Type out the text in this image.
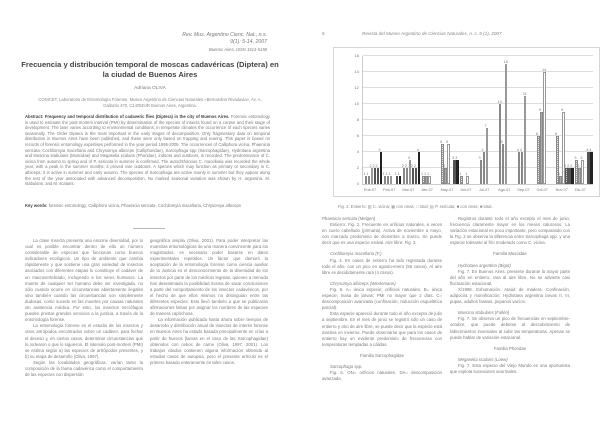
Rev. Mus. Argentino Cienc. Nat., n.s.
9(1): 5-14, 2007
Buenos Aires, ISSN 1514-5158
Frecuencia y distribución temporal de moscas cadavéricas (Diptera) en la ciudad de Buenos Aires
Adriana OLIVA
CONICET. Laboratorio de Entomología Forense, Museo Argentino de Ciencias Naturales «Bernardino Rivadavia», Av. A. Gallardo 470, C1405DJR Buenos Aires, Argentina.
Abstract: Frequency and temporal distribution of cadaveric flies (Diptera) in the city of Buenos Aires. Forensic entomology is used to estimate the post-mortem interval (PMI) by determination of the species of insects found on a corpse and their stage of development. The later varies according to environmental conditions; in temperate climates the occurrence of each species varies seasonally. The Order Diptera is the most important in the early stages of decomposition. Only fragmentary data on temporal distribution in Buenos Aires have been published, and these were only based on trapping and rearing. This paper is based on records of forensic entomology expertises performed in the year period 1995-2005. The occurrences of Calliphora vicina, Phaenicia sericata, Cochliomyia macellaria and Chrysomya albiceps (Calliphoridae), Sarcophaga spp (Sarcophagidae), Hydrotaea argentina and Muscina stabulans (Muscidae) and Megaselia scalaris (Phoridae), indoors and outdoors, is recorded. The predominance of C. vicina from autumn to spring and of P. sericata in summer is confirmed. The autochthonous C. macellaria was recorded the whole year, with a peak in the summer months; it proved rare outdoors. A species which may function as primary or secondary is C. albiceps; it is active in summer and early autumn. The species of Sarcophaga are active mainly in summer but they appear along the rest of the year associated with advanced decomposition. No marked seasonal variation was shown by H. argentina, M. stabulans, and M. scalaris.
Key words: forensic entomology, Calliphora vicina, Phaenicia sericata, Cochliomyia macellaria, Chrysomya albiceps

La clase Insecta presenta una enorme diversidad, por lo cual es posible encontrar dentro de ella un número considerable de especies que funcionan como buenos indicadores ecológicos. Un tipo de ambiente que cambia rápidamente y que sostiene una gran variedad de insectos asociados con diferentes etapas lo constituye el cadáver de un macrovertebrado, incluyendo a los seres humanos. La muerte de cualquier ser humano debe ser investigada, no sólo cuando ocurre en circunstancias abiertamente ilegales sino también cuando las circunstancias son simplemente dudosas, como sucede en las muertes por causas naturales sin asistencia médica. Por esto, los insectos necrófagos pueden prestar grandes servicios a la justicia, a través de la entomología forense.

La entomología forense es el estudio de los insectos y otros artrópodos encontrados sobre un cadáver, para fechar el deceso y, en ciertos casos, determinar circunstancias que lo rodearon o que lo siguieron. El intervalo post-mortem (PMI) se estima según a) las especies de artrópodos presentes, y b) su etapa de desarrollo (Oliva, 1997).

Según las localidades geográficas, varían tanto la composición de la fauna cadavérica como el comportamiento de las especies con dispersión

geográfica amplia (Oliva, 2001). Para poder interpretar las muestras entomológicas de una manera convincente para los magistrados, es necesario poder basarse en datos experimentales repetidos. Un factor que demoró la aceptación de la entomología forense como ciencia auxiliar de la Justicia es el desconocimiento de la diversidad de los insectos por parte de los médicos legistas, quienes a menudo han desestimado la posibilidad misma de sacar conclusiones a partir del comportamiento de los insectos cadavéricos, por el hecho de que ellos mismos no distinguían entre las diferentes especies. Esto llevó también a que se publicaran afirmaciones falsas por asignar los nombres de las especies de manera caprichosa.

La información publicada hasta ahora sobre tiempos de desarrollo y distribución anual de insectos de interés forense en Buenos Aires ha estado basada principalmente en crías a partir de huevos (larvas en el caso de las Sarcophagidae) obtenidos con cebos de carne (Oliva, 1997, 2001). Los trabajos citados contienen alguna información obtenida al estudiar casos de autopsia, pero el presente artículo es el primero basado enteramente en tales casos.

8	Revista del Museo Argentino de Ciencias Naturales, n. s. 9 (1), 2007
0
2
4
6
8
10
12
14
16
1 1
2 2 2
4
Ene-07
1 1 1 1 1
Feb-07
2 2
3
2 2
4
Mar-07
1 1 1
Abr-07
5
2
5
3 3
May-07
1 1
Jun-07
3
4
7
Jul-07
10
5
15
Ago-07
4 4
11
Sep-07
6
9
14
Oct-07
6
1
9
2 2 2
Nov-07
3
2
3
4 4
Dic-07
Fig. 2. Entierro: ▥ C. vicina; ▦ con otras; □ total; ▤ P. sericata; ■ con otras; ■ total.

Phaenicia sericata (Meigen)

Entierro: Fig. 2. Frecuente en orificios naturales, a veces en cuero cabelludo (primaria). Activa de noviembre a mayo, con marcado predominio de diciembre a marzo. Se puede decir que es una especie estival. Aire libre: Fig. 3.

Cochliomyia macellaria (F.)

Fig. 4. En casos de entierro ha sido registrada durante todo el año, con un pico en agosto-enero (56 casos). Al aire libre es decididamente rara (4 casos).

Chrysomya albiceps (Wiedemann)

Fig. 5. A= única especie; orificios naturales. B= única especie; masa de larvas; PMI no mayor que 2 días. C= descomposición avanzada (confinación, reducción esquelética parcial).

Esta especie apareció durante todo el año excepto de julio a septiembre. En el mes de junio se registró sólo un caso de entierro y otro de aire libre, se puede decir que la especie está inactiva en invierno. Puede observarse que para los casos de entierro hay un evidente predominio de frecuencias con temperaturas templadas a cálidas.

Familia Sarcophagidae

Sarcophaga spp.

Fig. 6. ON= orificios naturales. DA= descomposición avanzada.

Registros durante todo el año excepto el mes de junio, frecuencia claramente mayor en los meses calurosos. La variación estacional es poco importante, pero comparando con la Fig. 2 se observa la diferencia entre Sarcophaga spp. y una especie tolerante al frío moderado como C. vicina.

Familia Muscidae

Hydrotaea argentina (Bigot)

Fig. 7. En Buenos Aires, presente durante la mayor parte del año en entierro, rara al aire libre. No se advierte casi fluctuación estacional.

X/1998. Exhumación. Ataúd de madera. Confinación, adipocira y momificación. Hydrotaea argentina larvas II, III, pupas, adultos faratos, puparios vacíos.

Muscina stabulans (Fallén)

Fig. 7. Se observa un pico de frecuencias en septiembre-octubre, que puede deberse al descubrimiento de fallecimientos invernales al subir las temperaturas. Apenas se puede hablar de variación estacional.

Familia Phoridae

Megaselia scalaris (Loew)

Fig. 7. Esta especie del Viejo Mundo es una oportunista que explota sucesiones anormales.
